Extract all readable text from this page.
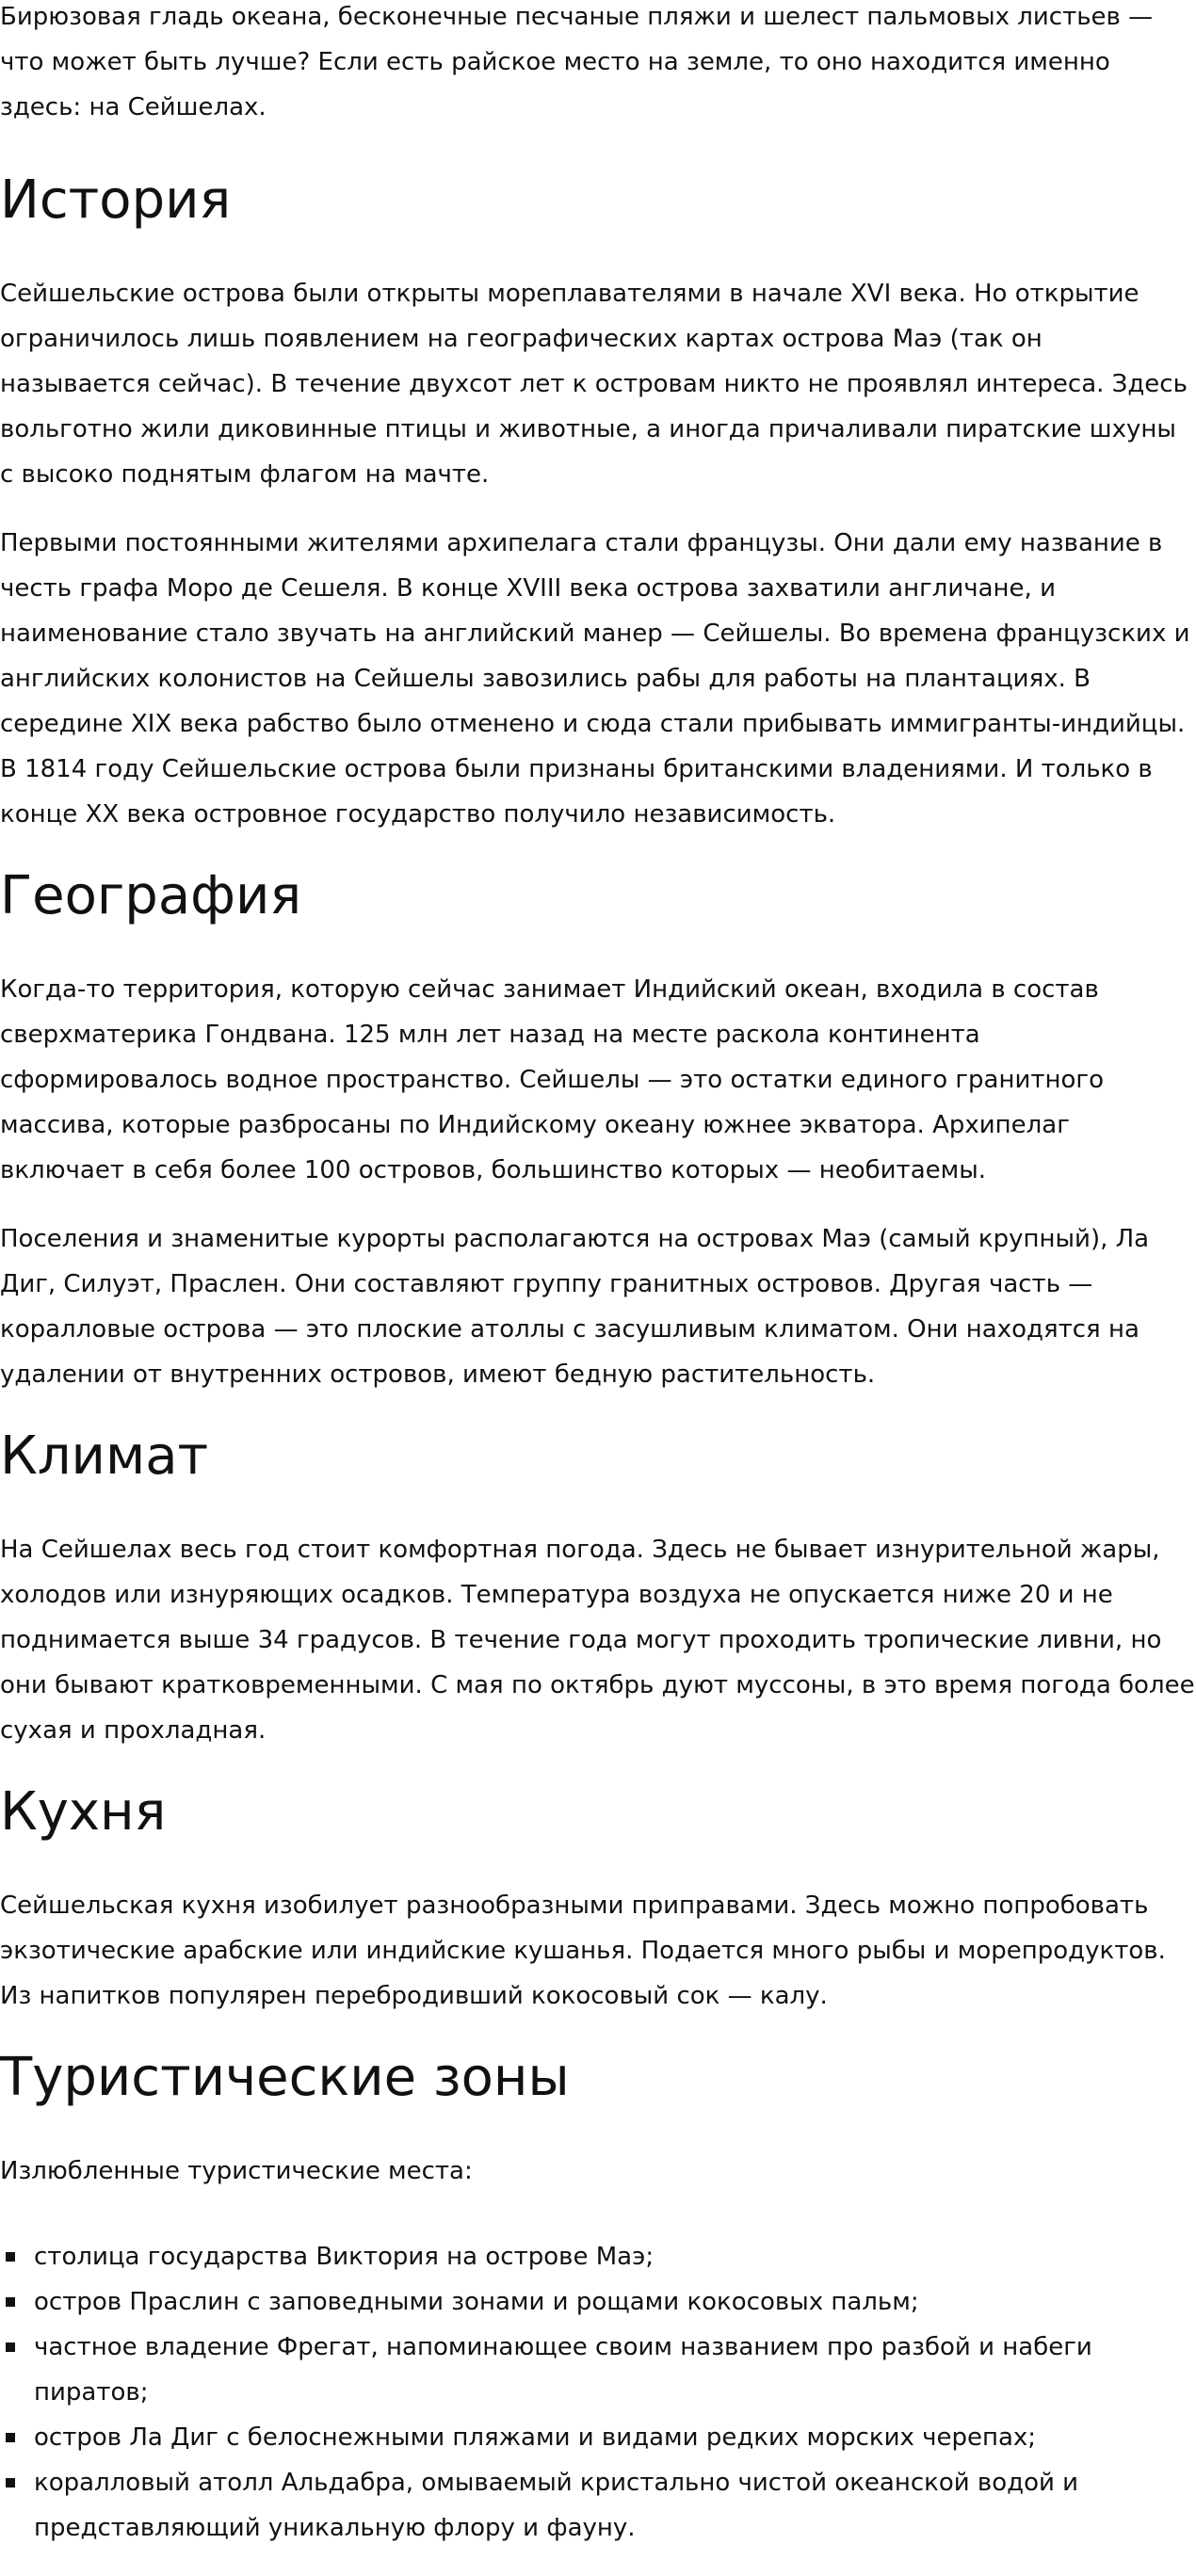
Бирюзовая гладь океана, бесконечные песчаные пляжи и шелест пальмовых листьев — что может быть лучше? Если есть райское место на земле, то оно находится именно здесь: на Сейшелах.

История

Сейшельские острова были открыты мореплавателями в начале XVI века. Но открытие ограничилось лишь появлением на географических картах острова Маэ (так он называется сейчас). В течение двухсот лет к островам никто не проявлял интереса. Здесь вольготно жили диковинные птицы и животные, а иногда причаливали пиратские шхуны с высоко поднятым флагом на мачте.

Первыми постоянными жителями архипелага стали французы. Они дали ему название в честь графа Моро де Сешеля. В конце XVIII века острова захватили англичане, и наименование стало звучать на английский манер — Сейшелы. Во времена французских и английских колонистов на Сейшелы завозились рабы для работы на плантациях. В середине XIX века рабство было отменено и сюда стали прибывать иммигранты-индийцы. В 1814 году Сейшельские острова были признаны британскими владениями. И только в конце XX века островное государство получило независимость.

География

Когда-то территория, которую сейчас занимает Индийский океан, входила в состав сверхматерика Гондвана. 125 млн лет назад на месте раскола континента сформировалось водное пространство. Сейшелы — это остатки единого гранитного массива, которые разбросаны по Индийскому океану южнее экватора. Архипелаг включает в себя более 100 островов, большинство которых — необитаемы.

Поселения и знаменитые курорты располагаются на островах Маэ (самый крупный), Ла Диг, Силуэт, Праслен. Они составляют группу гранитных островов. Другая часть — коралловые острова — это плоские атоллы с засушливым климатом. Они находятся на удалении от внутренних островов, имеют бедную растительность.

Климат

На Сейшелах весь год стоит комфортная погода. Здесь не бывает изнурительной жары, холодов или изнуряющих осадков. Температура воздуха не опускается ниже 20 и не поднимается выше 34 градусов. В течение года могут проходить тропические ливни, но они бывают кратковременными. С мая по октябрь дуют муссоны, в это время погода более сухая и прохладная.

Кухня

Сейшельская кухня изобилует разнообразными приправами. Здесь можно попробовать экзотические арабские или индийские кушанья. Подается много рыбы и морепродуктов. Из напитков популярен перебродивший кокосовый сок — калу.

Туристические зоны

Излюбленные туристические места:

столица государства Виктория на острове Маэ;
остров Праслин с заповедными зонами и рощами кокосовых пальм;
частное владение Фрегат, напоминающее своим названием про разбой и набеги пиратов;
остров Ла Диг с белоснежными пляжами и видами редких морских черепах;
коралловый атолл Альдабра, омываемый кристально чистой океанской водой и представляющий уникальную флору и фауну.
